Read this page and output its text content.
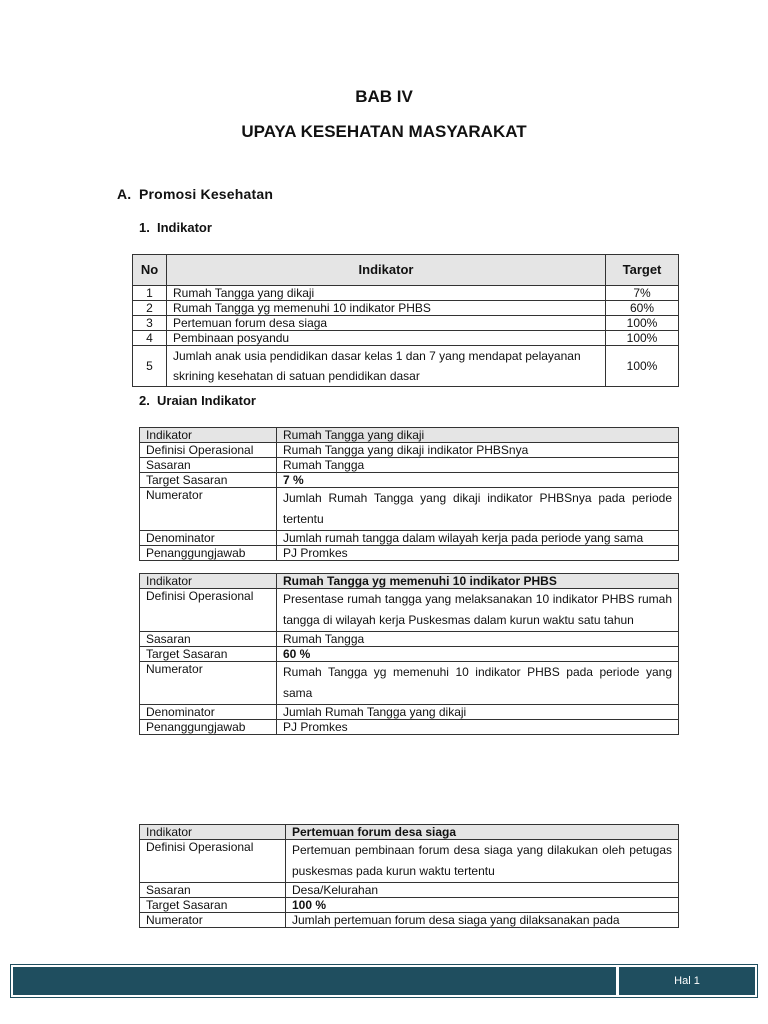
BAB IV
UPAYA KESEHATAN MASYARAKAT
A. Promosi Kesehatan
1. Indikator
No	Indikator	Target
1	Rumah Tangga yang dikaji	7%
2	Rumah Tangga yg memenuhi 10 indikator PHBS	60%
3	Pertemuan forum desa siaga	100%
4	Pembinaan posyandu	100%
5	Jumlah anak usia pendidikan dasar kelas 1 dan 7 yang mendapat pelayanan skrining kesehatan di satuan pendidikan dasar	100%
2. Uraian Indikator
Indikator	Rumah Tangga yang dikaji
Definisi Operasional	Rumah Tangga yang dikaji indikator PHBSnya
Sasaran	Rumah Tangga
Target Sasaran	7 %
Numerator	Jumlah Rumah Tangga yang dikaji indikator PHBSnya pada periode tertentu
Denominator	Jumlah rumah tangga dalam wilayah kerja pada periode yang sama
Penanggungjawab	PJ Promkes
Indikator	Rumah Tangga yg memenuhi 10 indikator PHBS
Definisi Operasional	Presentase rumah tangga yang melaksanakan 10 indikator PHBS rumah tangga di wilayah kerja Puskesmas dalam kurun waktu satu tahun
Sasaran	Rumah Tangga
Target Sasaran	60 %
Numerator	Rumah Tangga yg memenuhi 10 indikator PHBS pada periode yang sama
Denominator	Jumlah Rumah Tangga yang dikaji
Penanggungjawab	PJ Promkes
Indikator	Pertemuan forum desa siaga
Definisi Operasional	Pertemuan pembinaan forum desa siaga yang dilakukan oleh petugas puskesmas pada kurun waktu tertentu
Sasaran	Desa/Kelurahan
Target Sasaran	100 %
Numerator	Jumlah pertemuan forum desa siaga yang dilaksanakan pada
Hal 1
